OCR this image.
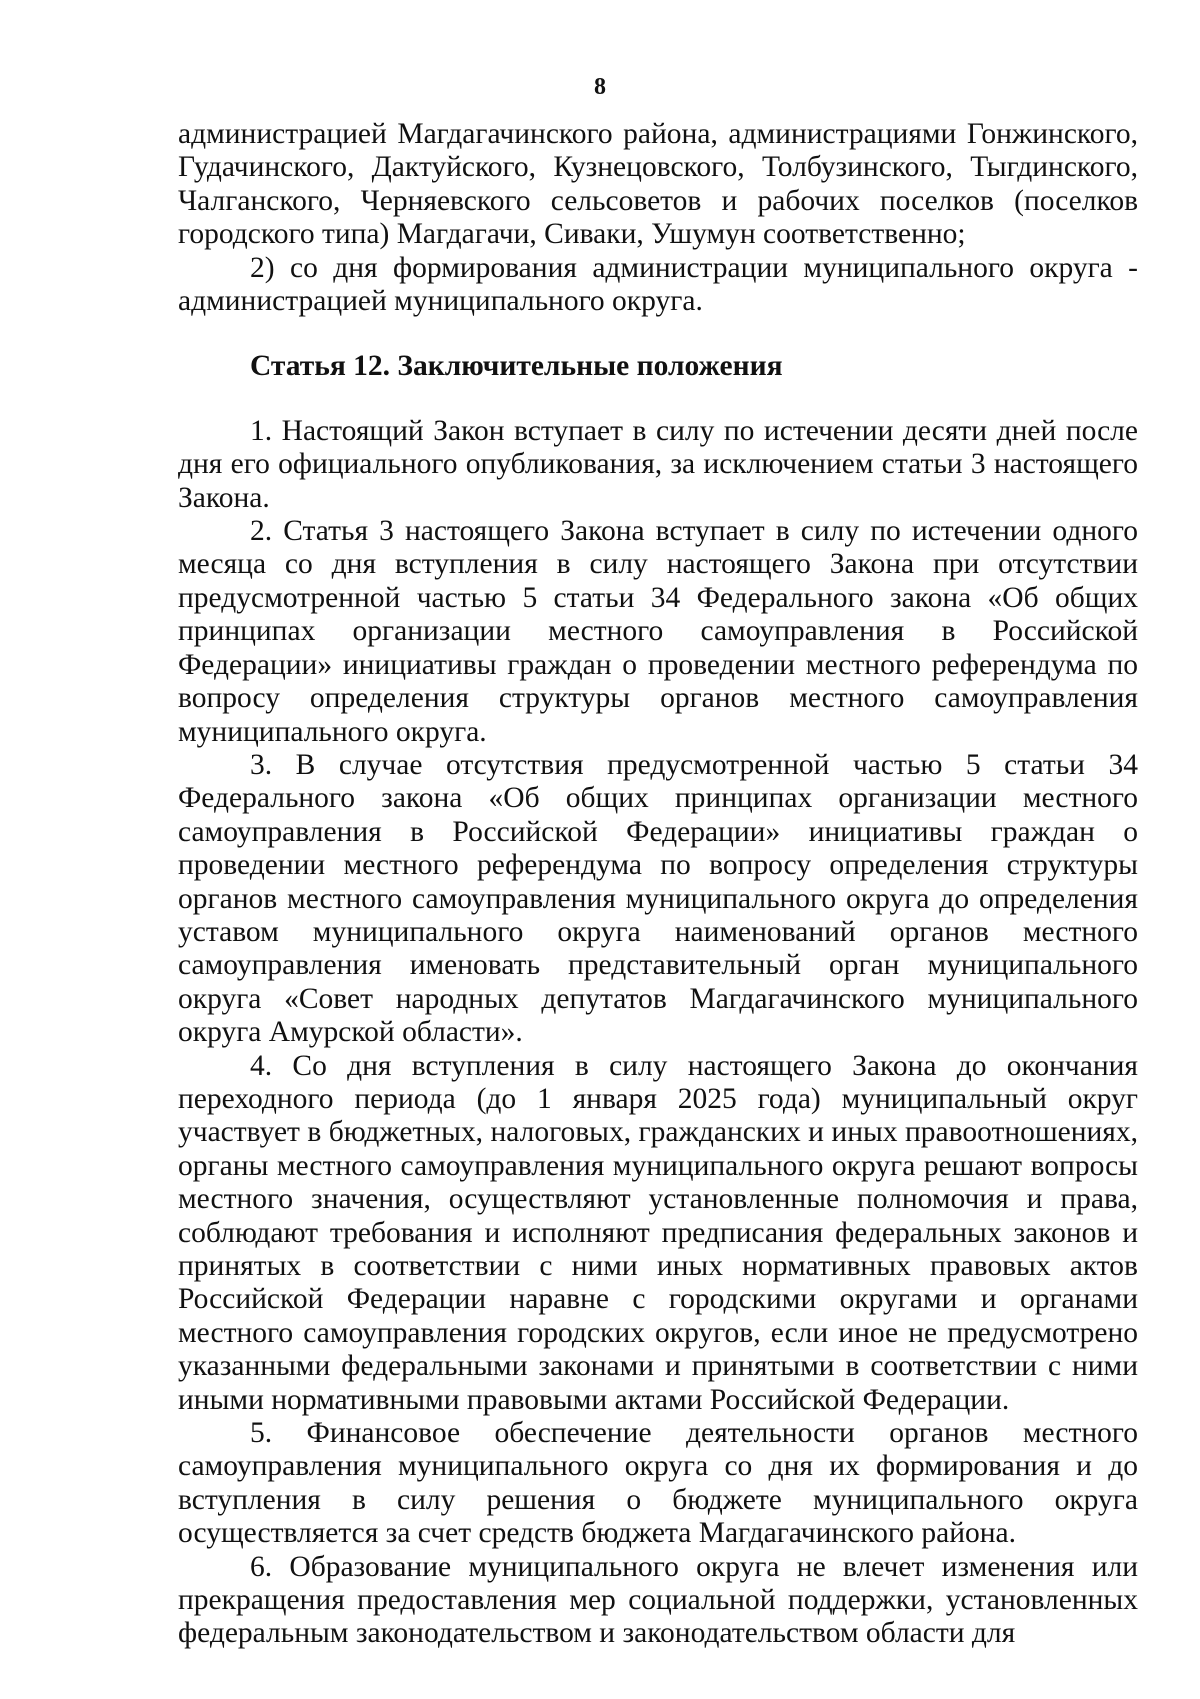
8

администрацией Магдагачинского района, администрациями Гонжинского, Гудачинского, Дактуйского, Кузнецовского, Толбузинского, Тыгдинского, Чалганского, Черняевского сельсоветов и рабочих поселков (поселков городского типа) Магдагачи, Сиваки, Ушумун соответственно;

2) со дня формирования администрации муниципального округа - администрацией муниципального округа.

Статья 12. Заключительные положения

1. Настоящий Закон вступает в силу по истечении десяти дней после дня его официального опубликования, за исключением статьи 3 настоящего Закона.

2. Статья 3 настоящего Закона вступает в силу по истечении одного месяца со дня вступления в силу настоящего Закона при отсутствии предусмотренной частью 5 статьи 34 Федерального закона «Об общих принципах организации местного самоуправления в Российской Федерации» инициативы граждан о проведении местного референдума по вопросу определения структуры органов местного самоуправления муниципального округа.

3. В случае отсутствия предусмотренной частью 5 статьи 34 Федерального закона «Об общих принципах организации местного самоуправления в Российской Федерации» инициативы граждан о проведении местного референдума по вопросу определения структуры органов местного самоуправления муниципального округа до определения уставом муниципального округа наименований органов местного самоуправления именовать представительный орган муниципального округа «Совет народных депутатов Магдагачинского муниципального округа Амурской области».

4. Со дня вступления в силу настоящего Закона до окончания переходного периода (до 1 января 2025 года) муниципальный округ участвует в бюджетных, налоговых, гражданских и иных правоотношениях, органы местного самоуправления муниципального округа решают вопросы местного значения, осуществляют установленные полномочия и права, соблюдают требования и исполняют предписания федеральных законов и принятых в соответствии с ними иных нормативных правовых актов Российской Федерации наравне с городскими округами и органами местного самоуправления городских округов, если иное не предусмотрено указанными федеральными законами и принятыми в соответствии с ними иными нормативными правовыми актами Российской Федерации.

5. Финансовое обеспечение деятельности органов местного самоуправления муниципального округа со дня их формирования и до вступления в силу решения о бюджете муниципального округа осуществляется за счет средств бюджета Магдагачинского района.

6. Образование муниципального округа не влечет изменения или прекращения предоставления мер социальной поддержки, установленных федеральным законодательством и законодательством области для
